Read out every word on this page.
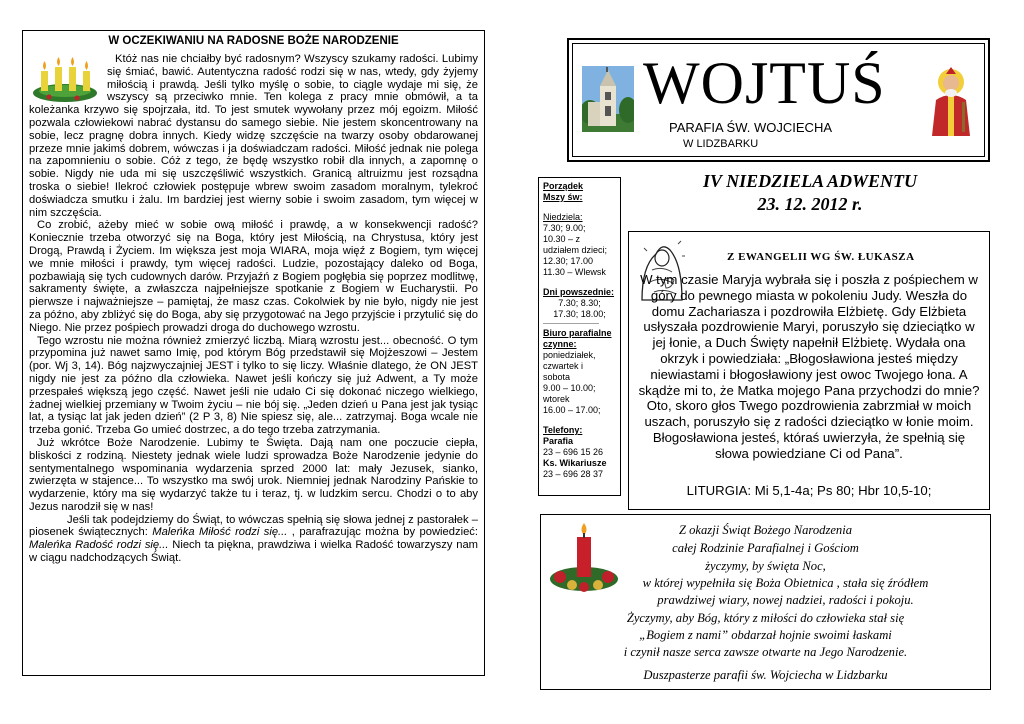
W OCZEKIWANIU NA RADOSNE BOŻE NARODZENIE

Któż nas nie chciałby być radosnym? Wszyscy szukamy radości. Lubimy się śmiać, bawić. Autentyczna radość rodzi się w nas, wtedy, gdy żyjemy miłością i prawdą. Jeśli tylko myślę o sobie, to ciągle wydaje mi się, że wszyscy są przeciwko mnie. Ten kolega z pracy mnie obmówił, a ta koleżanka krzywo się spojrzała, itd. To jest smutek wywołany przez mój egoizm. Miłość pozwala człowiekowi nabrać dystansu do samego siebie. Nie jestem skoncentrowany na sobie, lecz pragnę dobra innych. Kiedy widzę szczęście na twarzy osoby obdarowanej przeze mnie jakimś dobrem, wówczas i ja doświadczam radości. Miłość jednak nie polega na zapomnieniu o sobie. Cóż z tego, że będę wszystko robił dla innych, a zapomnę o sobie. Nigdy nie uda mi się uszczęśliwić wszystkich. Granicą altruizmu jest rozsądna troska o siebie! Ilekroć człowiek postępuje wbrew swoim zasadom moralnym, tylekroć doświadcza smutku i żalu. Im bardziej jest wierny sobie i swoim zasadom, tym więcej w nim szczęścia.

Co zrobić, ażeby mieć w sobie ową miłość i prawdę, a w konsekwencji radość? Koniecznie trzeba otworzyć się na Boga, który jest Miłością, na Chrystusa, który jest Drogą, Prawdą i Życiem. Im większa jest moja WIARA, moja więź z Bogiem, tym więcej we mnie miłości i prawdy, tym więcej radości. Ludzie, pozostający daleko od Boga, pozbawiają się tych cudownych darów. Przyjaźń z Bogiem pogłębia się poprzez modlitwę, sakramenty święte, a zwłaszcza najpełniejsze spotkanie z Bogiem w Eucharystii. Po pierwsze i najważniejsze – pamiętaj, że masz czas. Cokolwiek by nie było, nigdy nie jest za późno, aby zbliżyć się do Boga, aby się przygotować na Jego przyjście i przytulić się do Niego. Nie przez pośpiech prowadzi droga do duchowego wzrostu.

Tego wzrostu nie można również zmierzyć liczbą. Miarą wzrostu jest... obecność. O tym przypomina już nawet samo Imię, pod którym Bóg przedstawił się Mojżeszowi – Jestem (por. Wj 3, 14). Bóg najzwyczajniej JEST i tylko to się liczy. Właśnie dlatego, że ON JEST nigdy nie jest za późno dla człowieka. Nawet jeśli kończy się już Adwent, a Ty może przespałeś większą jego część. Nawet jeśli nie udało Ci się dokonać niczego wielkiego, żadnej wielkiej przemiany w Twoim życiu – nie bój się. „Jeden dzień u Pana jest jak tysiąc lat, a tysiąc lat jak jeden dzień” (2 P 3, 8) Nie spiesz się, ale... zatrzymaj. Boga wcale nie trzeba gonić. Trzeba Go umieć dostrzec, a do tego trzeba zatrzymania.

Już wkrótce Boże Narodzenie. Lubimy te Święta. Dają nam one poczucie ciepła, bliskości z rodziną. Niestety jednak wiele ludzi sprowadza Boże Narodzenie jedynie do sentymentalnego wspominania wydarzenia sprzed 2000 lat: mały Jezusek, sianko, zwierzęta w stajence... To wszystko ma swój urok. Niemniej jednak Narodziny Pańskie to wydarzenie, który ma się wydarzyć także tu i teraz, tj. w ludzkim sercu. Chodzi o to aby Jezus narodził się w nas!

Jeśli tak podejdziemy do Świąt, to wówczas spełnią się słowa jednej z pastorałek – piosenek świątecznych: Maleńka Miłość rodzi się... , parafrazując można by powiedzieć: Maleńka Radość rodzi się... Niech ta piękna, prawdziwa i wielka Radość towarzyszy nam w ciągu nadchodzących Świąt.

WOJTUŚ
PARAFIA ŚW. WOJCIECHA
W LIDZBARKU
Porządek
Mszy św:
Niedziela:
7.30; 9.00;
10.30 – z
udziałem dzieci;
12.30; 17.00
11.30 – Wlewsk
Dni powszednie:
7.30; 8.30;
17.30; 18.00;
----------------------------
Biuro parafialne
czynne:
poniedziałek,
czwartek i
sobota
9.00 – 10.00;
wtorek
16.00 – 17.00;
Telefony:
Parafia
23 – 696 15 26
Ks. Wikariusze
23 – 696 28 37
IV NIEDZIELA ADWENTU
23. 12. 2012 r.
Z EWANGELII WG ŚW. ŁUKASZA
W tym czasie Maryja wybrała się i poszła z pośpiechem w góry do pewnego miasta w pokoleniu Judy. Weszła do domu Zachariasza i pozdrowiła Elżbietę. Gdy Elżbieta usłyszała pozdrowienie Maryi, poruszyło się dzieciątko w jej łonie, a Duch Święty napełnił Elżbietę. Wydała ona okrzyk i powiedziała: „Błogosławiona jesteś między niewiastami i błogosławiony jest owoc Twojego łona. A skądże mi to, że Matka mojego Pana przychodzi do mnie? Oto, skoro głos Twego pozdrowienia zabrzmiał w moich uszach, poruszyło się z radości dzieciątko w łonie moim. Błogosławiona jesteś, któraś uwierzyła, że spełnią się słowa powiedziane Ci od Pana”.
LITURGIA: Mi 5,1-4a; Ps 80; Hbr 10,5-10;
Z okazji Świąt Bożego Narodzenia
całej Rodzinie Parafialnej i Gościom
życzymy, by święta Noc,
w której wypełniła się Boża Obietnica , stała się źródłem
prawdziwej wiary, nowej nadziei, radości i pokoju.
Życzymy, aby Bóg, który z miłości do człowieka stał się
„Bogiem z nami” obdarzał hojnie swoimi łaskami
i czynił nasze serca zawsze otwarte na Jego Narodzenie.
Duszpasterze parafii św. Wojciecha w Lidzbarku
